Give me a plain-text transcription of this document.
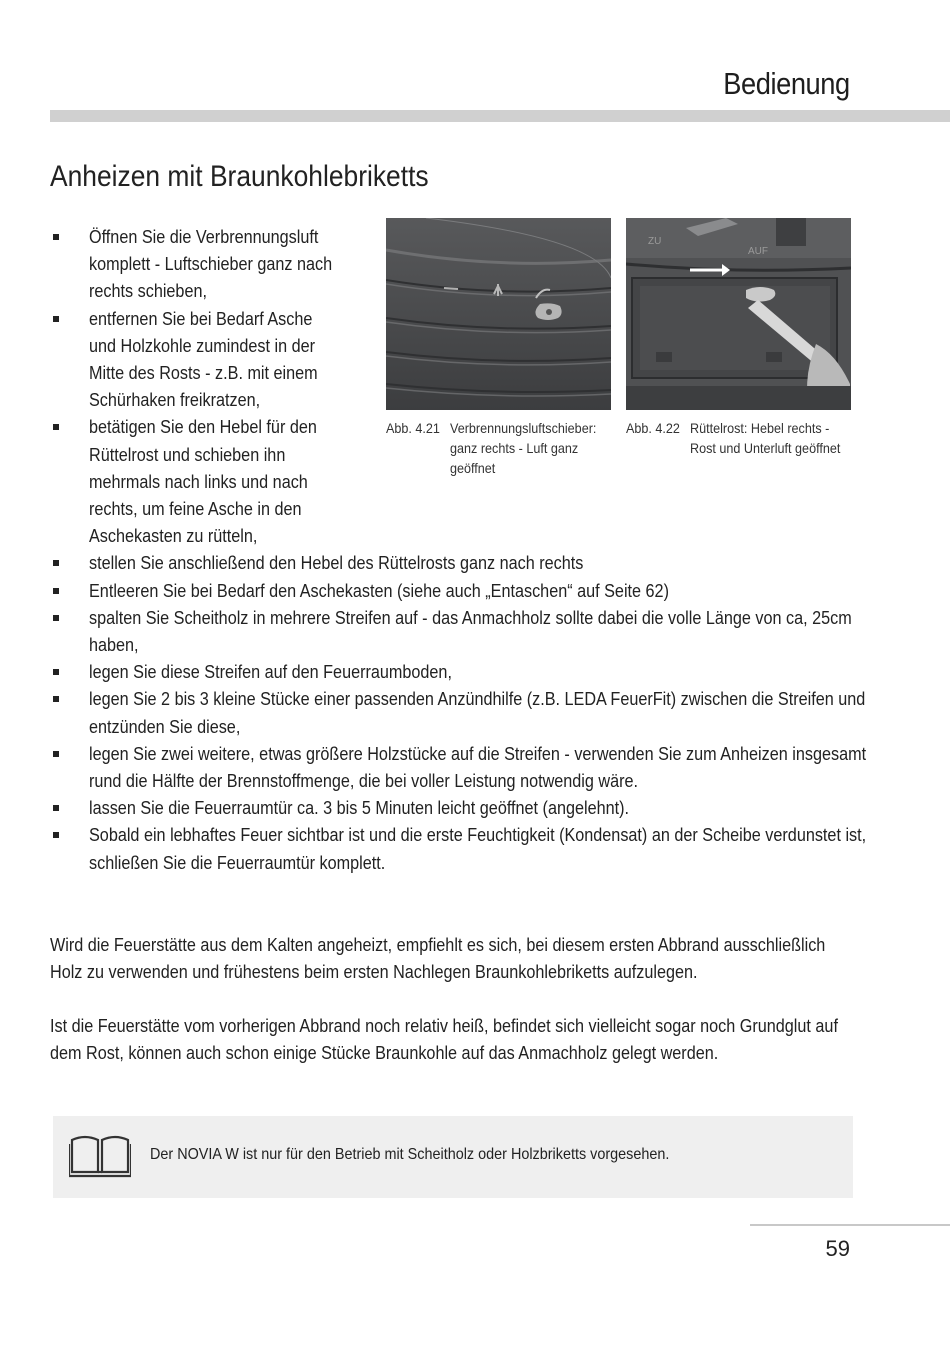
Bedienung
Anheizen mit Braunkohlebriketts
Öffnen Sie die Verbrennungsluft komplett - Luftschieber ganz nach rechts schieben,
entfernen Sie bei Bedarf Asche und Holzkohle zumindest in der Mitte des Rosts - z.B. mit einem Schürhaken freikratzen,
betätigen Sie den Hebel für den Rüttelrost und schieben ihn mehrmals nach links und nach rechts, um feine Asche in den Aschekasten zu rütteln,
stellen Sie anschließend den Hebel des Rüttelrosts ganz nach rechts
Entleeren Sie bei Bedarf den Aschekasten (siehe auch „Entaschen“ auf Seite 62)
spalten Sie Scheitholz in mehrere Streifen auf - das Anmachholz sollte dabei die volle Länge von ca, 25cm haben,
legen Sie diese Streifen auf den Feuerraumboden,
legen Sie 2 bis 3 kleine Stücke einer passenden Anzündhilfe (z.B. LEDA FeuerFit) zwischen die Streifen und entzünden Sie diese,
legen Sie zwei weitere, etwas größere Holzstücke auf die Streifen - verwenden Sie zum Anheizen insgesamt rund die Hälfte der Brennstoffmenge, die bei voller Leistung notwendig wäre.
lassen Sie die Feuerraumtür ca. 3 bis 5 Minuten leicht geöffnet (angelehnt).
Sobald ein lebhaftes Feuer sichtbar ist und die erste Feuchtigkeit (Kondensat) an der Scheibe verdunstet ist, schließen Sie die Feuerraumtür komplett.
ZU
AUF
Abb. 4.21 Verbrennungsluftschieber: ganz rechts - Luft ganz geöffnet
Abb. 4.22 Rüttelrost: Hebel rechts - Rost und Unterluft geöffnet
Wird die Feuerstätte aus dem Kalten angeheizt, empfiehlt es sich, bei diesem ersten Abbrand ausschließlich Holz zu verwenden und frühestens beim ersten Nachlegen Braunkohlebriketts aufzulegen.
Ist die Feuerstätte vom vorherigen Abbrand noch relativ heiß, befindet sich vielleicht sogar noch Grundglut auf dem Rost, können auch schon einige Stücke Braunkohle auf das Anmachholz gelegt werden.
Der NOVIA W ist nur für den Betrieb mit Scheitholz oder Holzbriketts vorgesehen.
59
